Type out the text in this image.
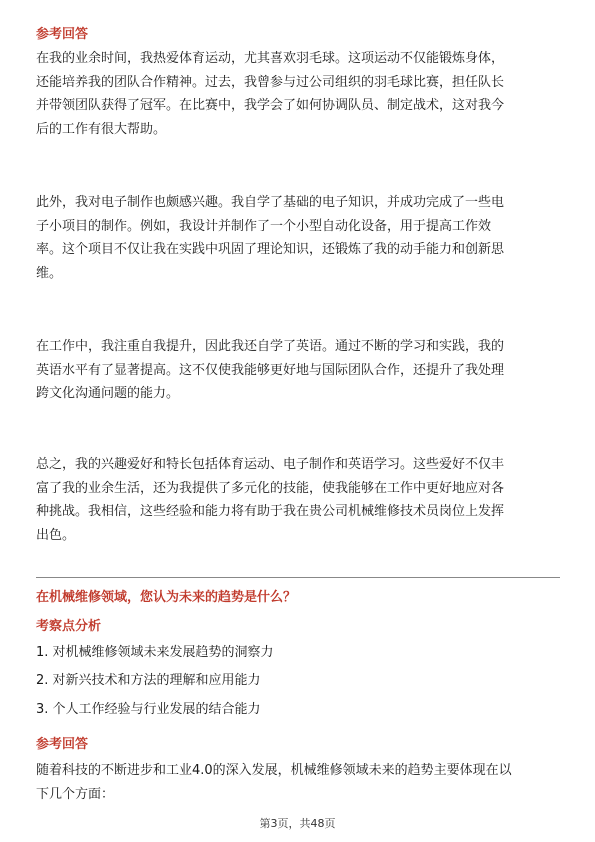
参考回答
在我的业余时间，我热爱体育运动，尤其喜欢羽毛球。这项运动不仅能锻炼身体，
还能培养我的团队合作精神。过去，我曾参与过公司组织的羽毛球比赛，担任队长
并带领团队获得了冠军。在比赛中，我学会了如何协调队员、制定战术，这对我今
后的工作有很大帮助。
此外，我对电子制作也颇感兴趣。我自学了基础的电子知识，并成功完成了一些电
子小项目的制作。例如，我设计并制作了一个小型自动化设备，用于提高工作效
率。这个项目不仅让我在实践中巩固了理论知识，还锻炼了我的动手能力和创新思
维。
在工作中，我注重自我提升，因此我还自学了英语。通过不断的学习和实践，我的
英语水平有了显著提高。这不仅使我能够更好地与国际团队合作，还提升了我处理
跨文化沟通问题的能力。
总之，我的兴趣爱好和特长包括体育运动、电子制作和英语学习。这些爱好不仅丰
富了我的业余生活，还为我提供了多元化的技能，使我能够在工作中更好地应对各
种挑战。我相信，这些经验和能力将有助于我在贵公司机械维修技术员岗位上发挥
出色。
在机械维修领域，您认为未来的趋势是什么？
考察点分析
1. 对机械维修领域未来发展趋势的洞察力
2. 对新兴技术和方法的理解和应用能力
3. 个人工作经验与行业发展的结合能力
参考回答
随着科技的不断进步和工业4.0的深入发展，机械维修领域未来的趋势主要体现在以
下几个方面：
第3页，共48页
